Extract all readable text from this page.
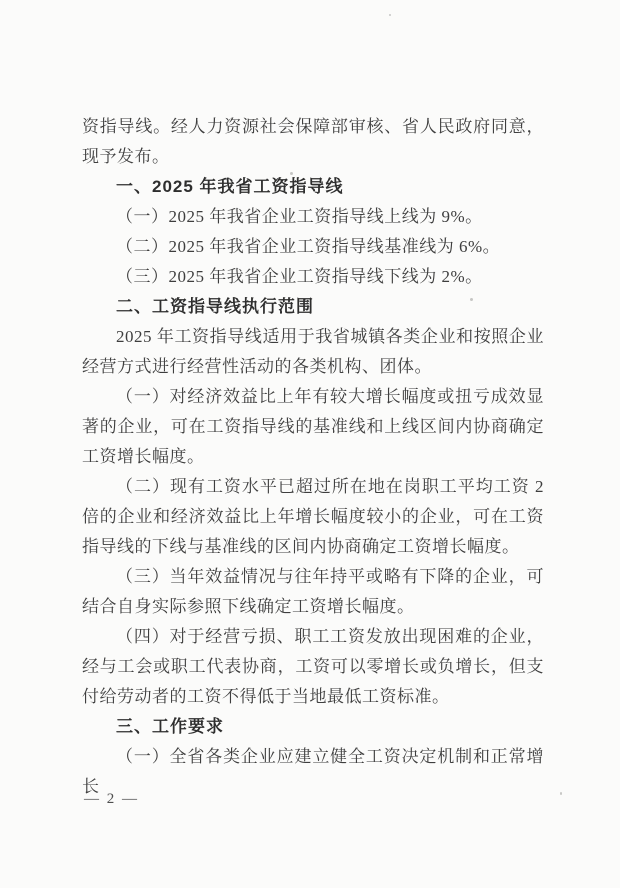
资指导线。经人力资源社会保障部审核、省人民政府同意，现予发布。

一、2025 年我省工资指导线

（一）2025 年我省企业工资指导线上线为 9%。

（二）2025 年我省企业工资指导线基准线为 6%。

（三）2025 年我省企业工资指导线下线为 2%。

二、工资指导线执行范围

2025 年工资指导线适用于我省城镇各类企业和按照企业经营方式进行经营性活动的各类机构、团体。

（一）对经济效益比上年有较大增长幅度或扭亏成效显著的企业，可在工资指导线的基准线和上线区间内协商确定工资增长幅度。

（二）现有工资水平已超过所在地在岗职工平均工资 2 倍的企业和经济效益比上年增长幅度较小的企业，可在工资指导线的下线与基准线的区间内协商确定工资增长幅度。

（三）当年效益情况与往年持平或略有下降的企业，可结合自身实际参照下线确定工资增长幅度。

（四）对于经营亏损、职工工资发放出现困难的企业，经与工会或职工代表协商，工资可以零增长或负增长，但支付给劳动者的工资不得低于当地最低工资标准。

三、工作要求

（一）全省各类企业应建立健全工资决定机制和正常增长

— 2 —
